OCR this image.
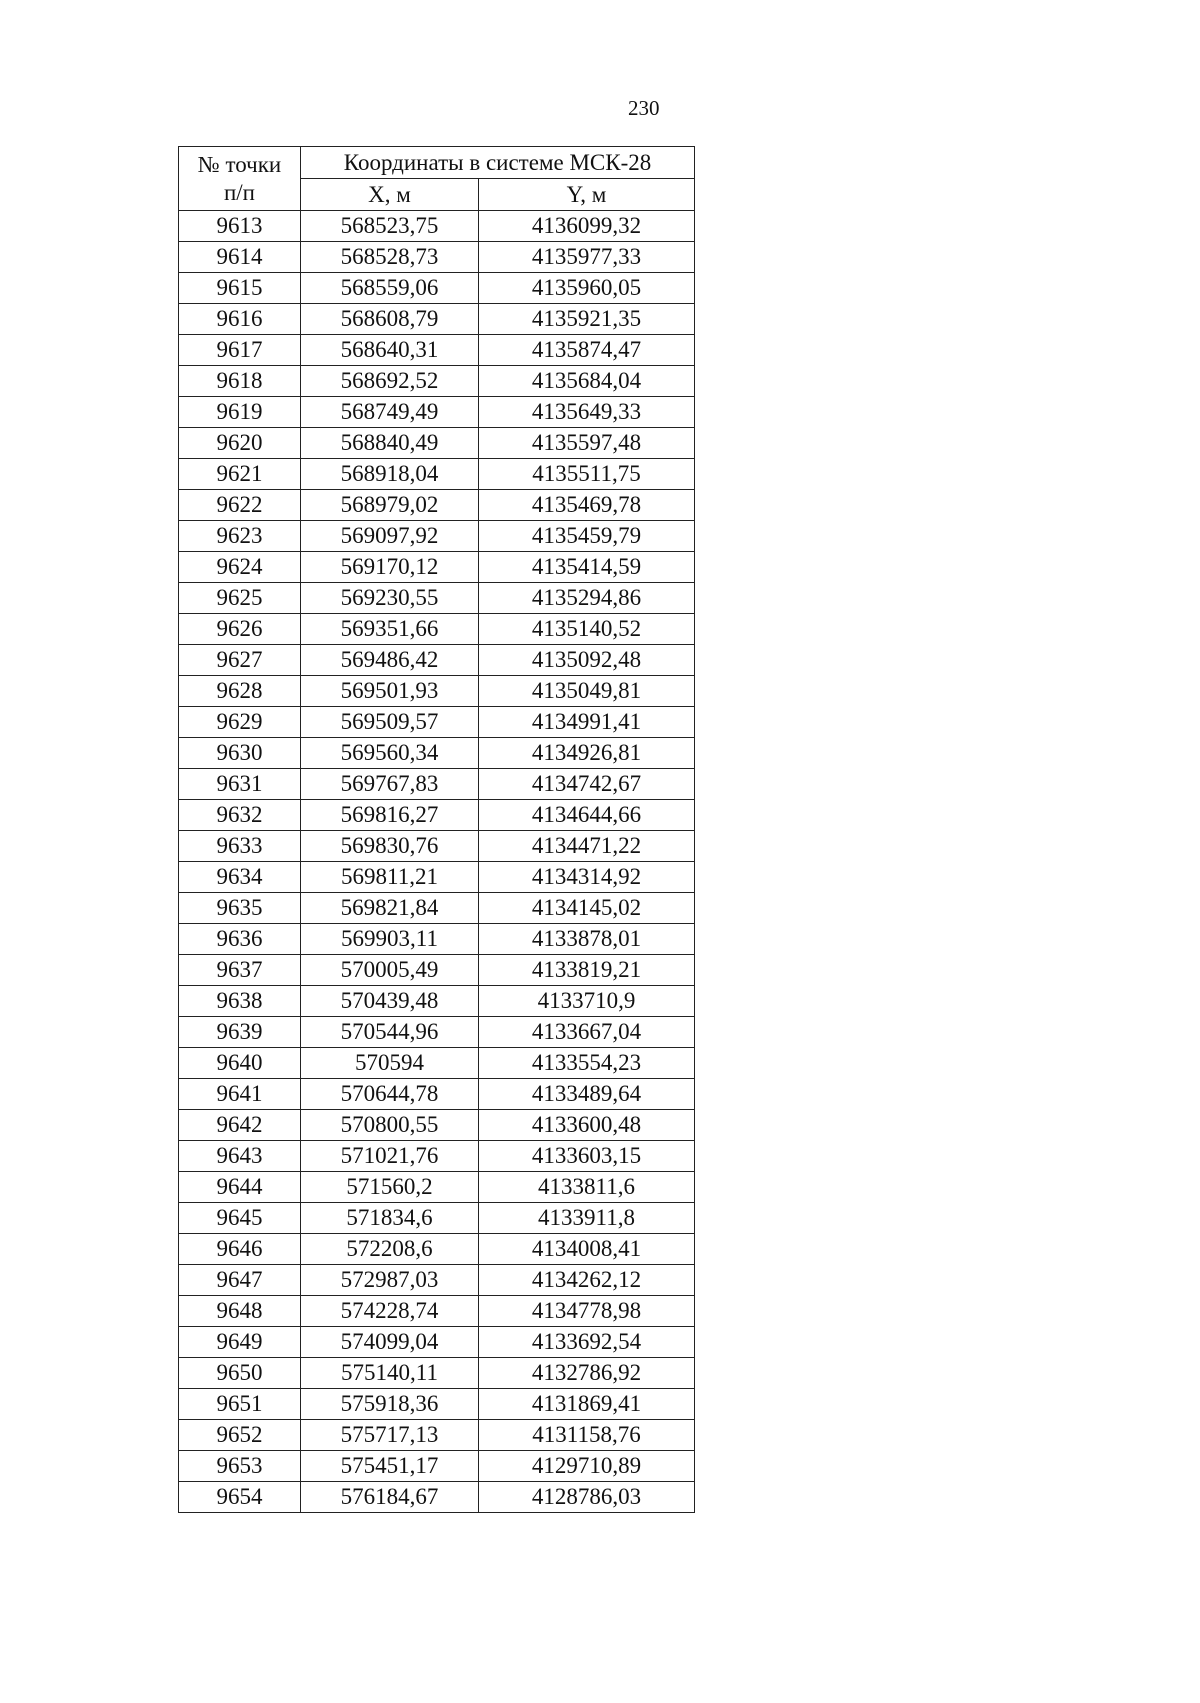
230
№ точки
п/п	Координаты в системе МСК-28	
	X, м	Y, м
9613	568523,75	4136099,32
9614	568528,73	4135977,33
9615	568559,06	4135960,05
9616	568608,79	4135921,35
9617	568640,31	4135874,47
9618	568692,52	4135684,04
9619	568749,49	4135649,33
9620	568840,49	4135597,48
9621	568918,04	4135511,75
9622	568979,02	4135469,78
9623	569097,92	4135459,79
9624	569170,12	4135414,59
9625	569230,55	4135294,86
9626	569351,66	4135140,52
9627	569486,42	4135092,48
9628	569501,93	4135049,81
9629	569509,57	4134991,41
9630	569560,34	4134926,81
9631	569767,83	4134742,67
9632	569816,27	4134644,66
9633	569830,76	4134471,22
9634	569811,21	4134314,92
9635	569821,84	4134145,02
9636	569903,11	4133878,01
9637	570005,49	4133819,21
9638	570439,48	4133710,9
9639	570544,96	4133667,04
9640	570594	4133554,23
9641	570644,78	4133489,64
9642	570800,55	4133600,48
9643	571021,76	4133603,15
9644	571560,2	4133811,6
9645	571834,6	4133911,8
9646	572208,6	4134008,41
9647	572987,03	4134262,12
9648	574228,74	4134778,98
9649	574099,04	4133692,54
9650	575140,11	4132786,92
9651	575918,36	4131869,41
9652	575717,13	4131158,76
9653	575451,17	4129710,89
9654	576184,67	4128786,03
